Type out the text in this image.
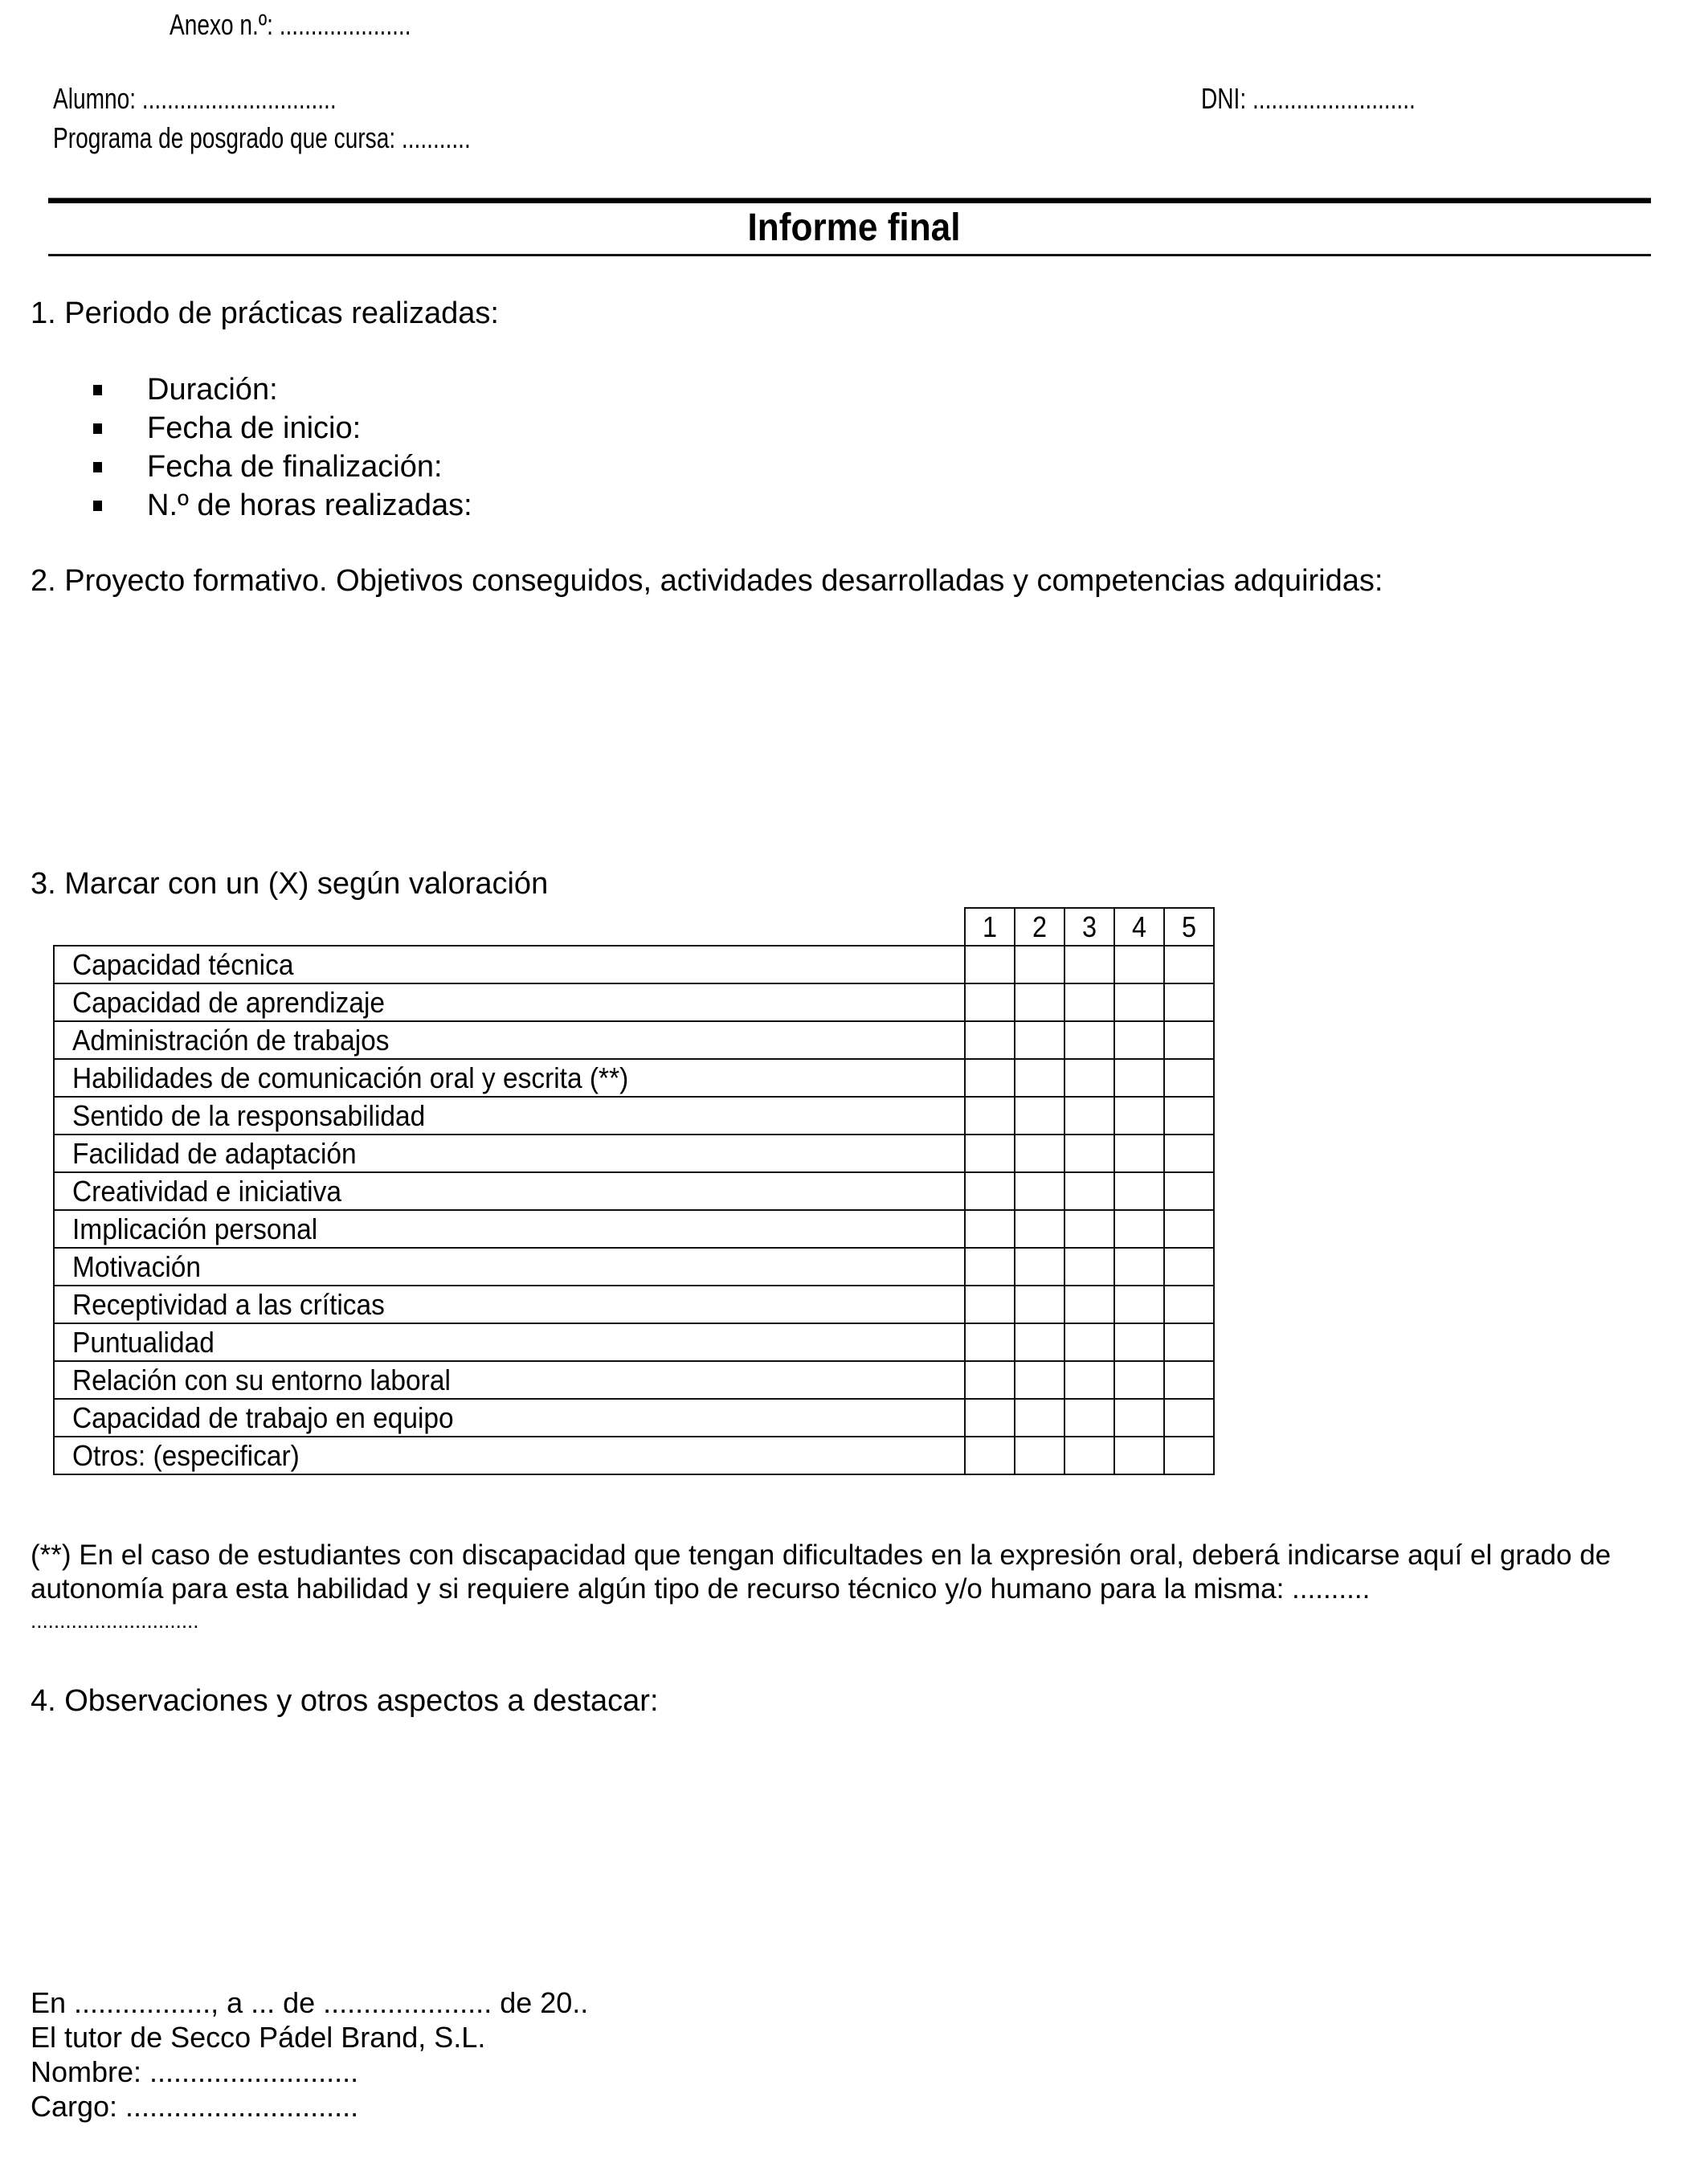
Anexo n.º: .....................
Alumno: ...............................	DNI: ..........................
Programa de posgrado que cursa: ...........
Informe final
1. Periodo de prácticas realizadas:
Duración:
Fecha de inicio:
Fecha de finalización:
N.º de horas realizadas:
2. Proyecto formativo. Objetivos conseguidos, actividades desarrolladas y competencias adquiridas:
3. Marcar con un (X) según valoración
	1	2	3	4	5
Capacidad técnica					
Capacidad de aprendizaje					
Administración de trabajos					
Habilidades de comunicación oral y escrita (**)					
Sentido de la responsabilidad					
Facilidad de adaptación					
Creatividad e iniciativa					
Implicación personal					
Motivación					
Receptividad a las críticas					
Puntualidad					
Relación con su entorno laboral					
Capacidad de trabajo en equipo					
Otros: (especificar)					
(**) En el caso de estudiantes con discapacidad que tengan dificultades en la expresión oral, deberá indicarse aquí el grado de
autonomía para esta habilidad y si requiere algún tipo de recurso técnico y/o humano para la misma: ..........
.............................
4. Observaciones y otros aspectos a destacar:
En ................., a ... de ..................... de 20..
El tutor de Secco Pádel Brand, S.L.
Nombre: ..........................
Cargo: .............................
